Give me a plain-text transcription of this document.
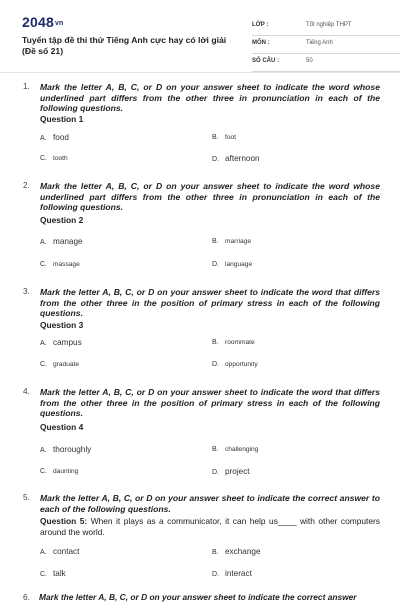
2048vn
Tuyển tập đề thi thử Tiếng Anh cực hay có lời giải (Đề số 21)
LỚP :	Tốt nghiệp THPT
MÔN :	Tiếng Anh
SỐ CÂU :	50
1. Mark the letter A, B, C, or D on your answer sheet to indicate the word whose underlined part differs from the other three in pronunciation in each of the following questions.
Question 1
A. food	B. foot
C. tooth	D. afternoon
2. Mark the letter A, B, C, or D on your answer sheet to indicate the word whose underlined part differs from the other three in pronunciation in each of the following questions.
Question 2
A. manage	B. marriage
C. massage	D. language
3. Mark the letter A, B, C, or D on your answer sheet to indicate the word that differs from the other three in the position of primary stress in each of the following questions.
Question 3
A. campus	B. roommate
C. graduate	D. opportunity
4. Mark the letter A, B, C, or D on your answer sheet to indicate the word that differs from the other three in the position of primary stress in each of the following questions.
Question 4
A. thoroughly	B. challenging
C. daunting	D. project
5. Mark the letter A, B, C, or D on your answer sheet to indicate the correct answer to each of the following questions.
Question 5: When it plays as a communicator, it can help us____ with other computers around the world.
A. contact	B. exchange
C. talk	D. interact
6. Mark the letter A, B, C, or D on your answer sheet to indicate the correct answer
